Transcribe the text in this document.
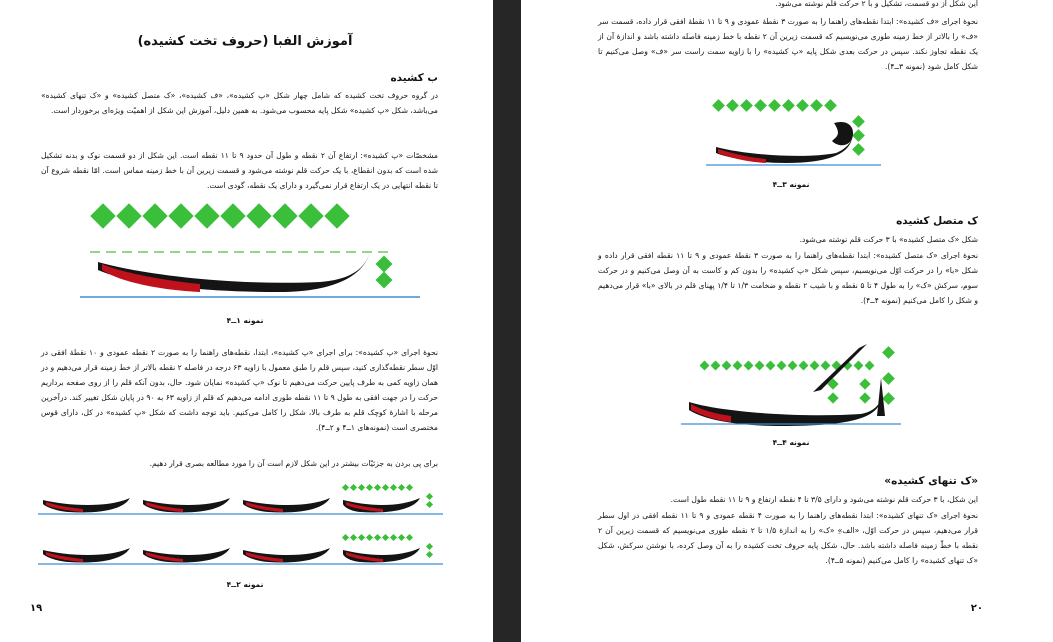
آموزش الفبا (حروف تخت کشیده)
ب کشیده
در گروه حروف تخت کشیده که شامل چهار شکل «پ کشیده»، «ف کشیده»، «ک متصل کشیده» و «ک تنهای کشیده» می‌باشد، شکل «پ کشیده» شکل پایه محسوب می‌شود. به همین دلیل، آموزش این شکل از اهمیّت ویژه‌ای برخوردار است.
مشخصّات «پ کشیده»: ارتفاع آن ۲ نقطه و طول آن حدود ۹ تا ۱۱ نقطه است. این شکل از دو قسمت نوک و بدنه تشکیل شده است که بدون انقطاع، با یک حرکت قلم نوشته می‌شود و قسمت زیرین آن با خط زمینه مماس است. امّا نقطه شروع آن تا نقطه انتهایی در یک ارتفاع قرار نمی‌گیرد و دارای یک نقطه، گودی است.
نمونه ۱ــ۴
نحوهٔ اجرای «پ کشیده»: برای اجرای «پ کشیده»، ابتدا، نقطه‌های راهنما را به صورت ۲ نقطه عمودی و ۱۰ نقطهٔ افقی در اوّل سطر نقطه‌گذاری کنید، سپس قلم را طبق معمول با زاویه ۶۳ درجه در فاصله ۲ نقطه بالاتر از خط زمینه قرار می‌دهیم و در همان زاویه کمی به طرف پایین حرکت می‌دهیم تا نوک «پ کشیده» نمایان شود. حال، بدون آنکه قلم را از روی صفحه برداریم حرکت را در جهت افقی به طول ۹ تا ۱۱ نقطه طوری ادامه می‌دهیم که قلم از زاویه ۶۳ به ۹۰ در پایان شکل تغییر کند. درآخرین مرحله با اشارهٔ کوچک قلم به طرف بالا، شکل را کامل می‌کنیم. باید توجه داشت که شکل «پ کشیده» در کل، دارای قوس مختصری است (نمونه‌های ۱ــ۴ و ۲ــ۴).
برای پی بردن به جزئیّات بیشتر در این شکل لازم است آن را مورد مطالعه بصری قرار دهیم.
نمونه ۲ــ۴
۱۹
این شکل از دو قسمت، تشکیل و با ۲ حرکت قلم نوشته می‌شود.
نحوهٔ اجرای «ف کشیده»: ابتدا نقطه‌های راهنما را به صورت ۳ نقطهٔ عمودی و ۹ تا ۱۱ نقطهٔ افقی قرار داده، قسمت سر «ف» را بالاتر از خط زمینه طوری می‌نویسیم که قسمت زیرین آن ۲ نقطه با خط زمینه فاصله داشته باشد و اندازهٔ آن از یک نقطه تجاوز نکند. سپس در حرکت بعدی شکل پایه «پ کشیده» را با زاویه سمت راست سر «ف» وصل می‌کنیم تا شکل کامل شود (نمونه ۳ــ۴).
نمونه ۳ــ۴
ک متصل کشیده
شکل «ک متصل کشیده» با ۳ حرکت قلم نوشته می‌شود.
نحوهٔ اجرای «ک متصل کشیده»: ابتدا نقطه‌های راهنما را به صورت ۳ نقطهٔ عمودی و ۹ تا ۱۱ نقطه افقی قرار داده و شکل «با» را در حرکت اوّل می‌نویسیم، سپس شکل «پ کشیده» را بدون کم و کاست به آن وصل می‌کنیم و در حرکت سوم، سرکش «ک» را به طول ۴ تا ۵ نقطه و با شیب ۲ نقطه و ضخامت ۱/۳ تا ۱/۴ پهنای قلم در بالای «با» قرار می‌دهیم و شکل را کامل می‌کنیم (نمونه ۴ــ۴).
نمونه ۴ــ۴
«ک تنهای کشیده»
این شکل، با ۳ حرکت قلم نوشته می‌شود و دارای ۳/۵ تا ۴ نقطه ارتفاع و ۹ تا ۱۱ نقطه طول است.
نحوهٔ اجرای «ک تنهای کشیده»: ابتدا نقطه‌های راهنما را به صورت ۴ نقطه عمودی و ۹ تا ۱۱ نقطه افقی در اول سطر قرار می‌دهیم، سپس در حرکت اوّل، «الف»ِ «ک» را به اندازهٔ ۱/۵ تا ۲ نقطه طوری می‌نویسیم که قسمت زیرین آن ۲ نقطه با خطّ زمینه فاصله داشته باشد. حال، شکل پایه حروف تخت کشیده را به آن وصل کرده، با نوشتن سرکش، شکل «ک تنهای کشیده» را کامل می‌کنیم (نمونه ۵ــ۴).
۲۰
